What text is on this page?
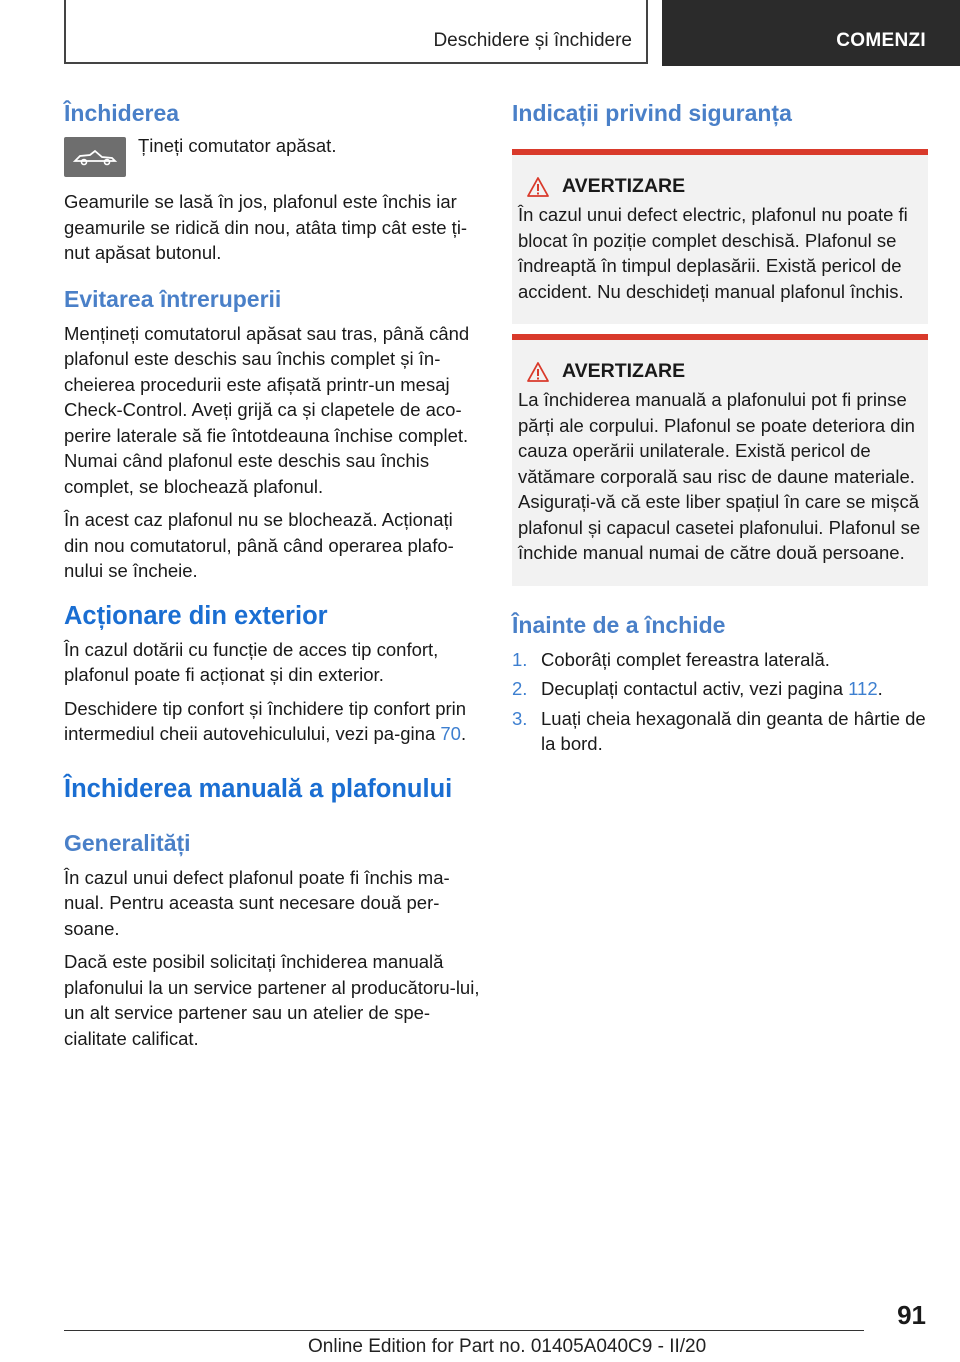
Deschidere și închidere	COMENZI
Închiderea

Țineți comutator apăsat.

Geamurile se lasă în jos, plafonul este închis iar geamurile se ridică din nou, atâta timp cât este ți-nut apăsat butonul.

Evitarea întreruperii

Mențineți comutatorul apăsat sau tras, până când plafonul este deschis sau închis complet și în-cheierea procedurii este afișată printr-un mesaj Check-Control. Aveți grijă ca și clapetele de aco-perire laterale să fie întotdeauna închise complet. Numai când plafonul este deschis sau închis complet, se blochează plafonul.

În acest caz plafonul nu se blochează. Acționați din nou comutatorul, până când operarea plafo-nului se încheie.

Acționare din exterior

În cazul dotării cu funcție de acces tip confort, plafonul poate fi acționat și din exterior.

Deschidere tip confort și închidere tip confort prin intermediul cheii autovehiculului, vezi pa-gina 70.

Închiderea manuală a plafonului
Generalități

În cazul unui defect plafonul poate fi închis ma-nual. Pentru aceasta sunt necesare două per-soane.

Dacă este posibil solicitați închiderea manuală plafonului la un service partener al producătoru-lui, un alt service partener sau un atelier de spe-cialitate calificat.

Indicații privind siguranța
AVERTIZARE

În cazul unui defect electric, plafonul nu poate fi blocat în poziție complet deschisă. Plafonul se îndreaptă în timpul deplasării. Există pericol de accident. Nu deschideți manual plafonul închis.

AVERTIZARE

La închiderea manuală a plafonului pot fi prinse părți ale corpului. Plafonul se poate deteriora din cauza operării unilaterale. Există pericol de vătămare corporală sau risc de daune materiale. Asigurați-vă că este liber spațiul în care se mișcă plafonul și capacul casetei plafonului. Plafonul se închide manual numai de către două persoane.

Înainte de a închide
1. Coborâți complet fereastra laterală.
2. Decuplați contactul activ, vezi pagina 112.
3. Luați cheia hexagonală din geanta de hârtie de la bord.
91
Online Edition for Part no. 01405A040C9 - II/20
